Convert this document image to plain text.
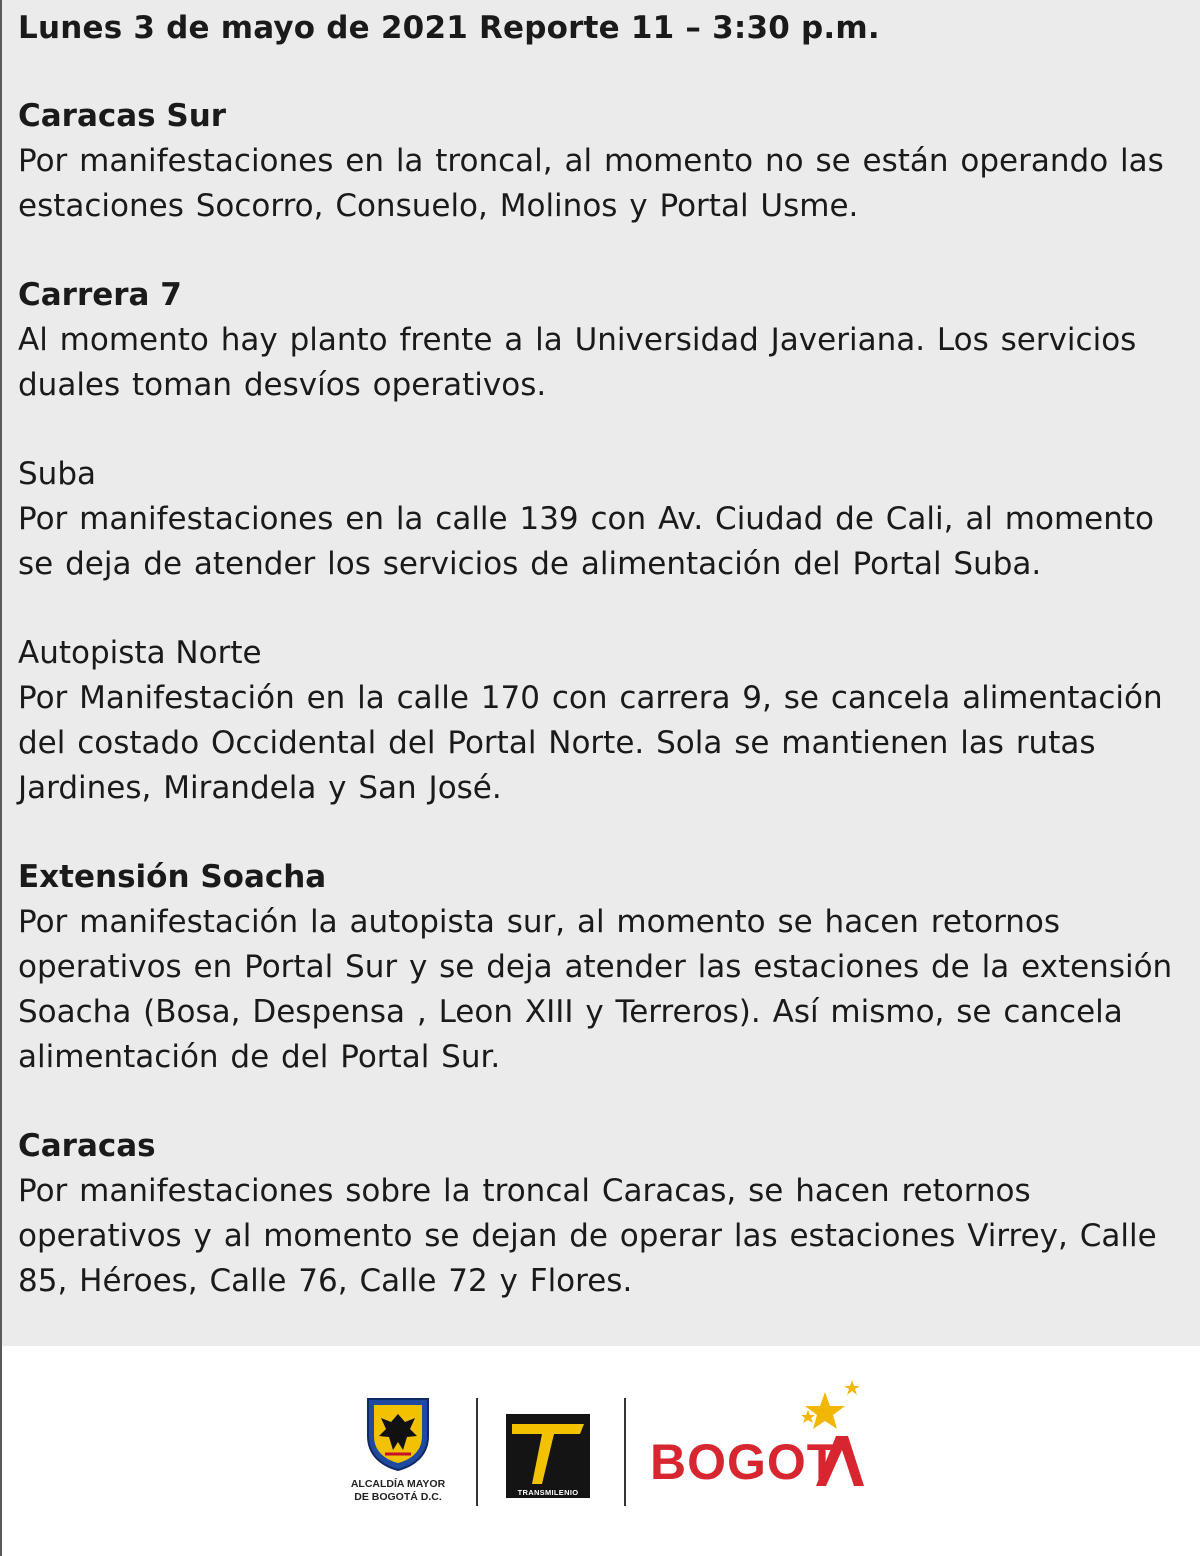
Lunes 3 de mayo de 2021 Reporte 11 – 3:30 p.m.

Caracas Sur

Por manifestaciones en la troncal, al momento no se están operando las estaciones Socorro, Consuelo, Molinos y Portal Usme.

Carrera 7

Al momento hay planto frente a la Universidad Javeriana. Los servicios duales toman desvíos operativos.

Suba

Por manifestaciones en la calle 139 con Av. Ciudad de Cali, al momento se deja de atender los servicios de alimentación del Portal Suba.

Autopista Norte

Por Manifestación en la calle 170 con carrera 9, se cancela alimentación del costado Occidental del Portal Norte. Sola se mantienen las rutas Jardines, Mirandela y San José.

Extensión Soacha

Por manifestación la autopista sur, al momento se hacen retornos operativos en Portal Sur y se deja atender las estaciones de la extensión Soacha (Bosa, Despensa , Leon XIII y Terreros). Así mismo, se cancela alimentación de del Portal Sur.

Caracas

Por manifestaciones sobre la troncal Caracas, se hacen retornos operativos y al momento se dejan de operar las estaciones Virrey, Calle 85, Héroes, Calle 76, Calle 72 y Flores.

ALCALDÍA MAYOR
DE BOGOTÁ D.C.	TRANSMILENIO
BOGOT
